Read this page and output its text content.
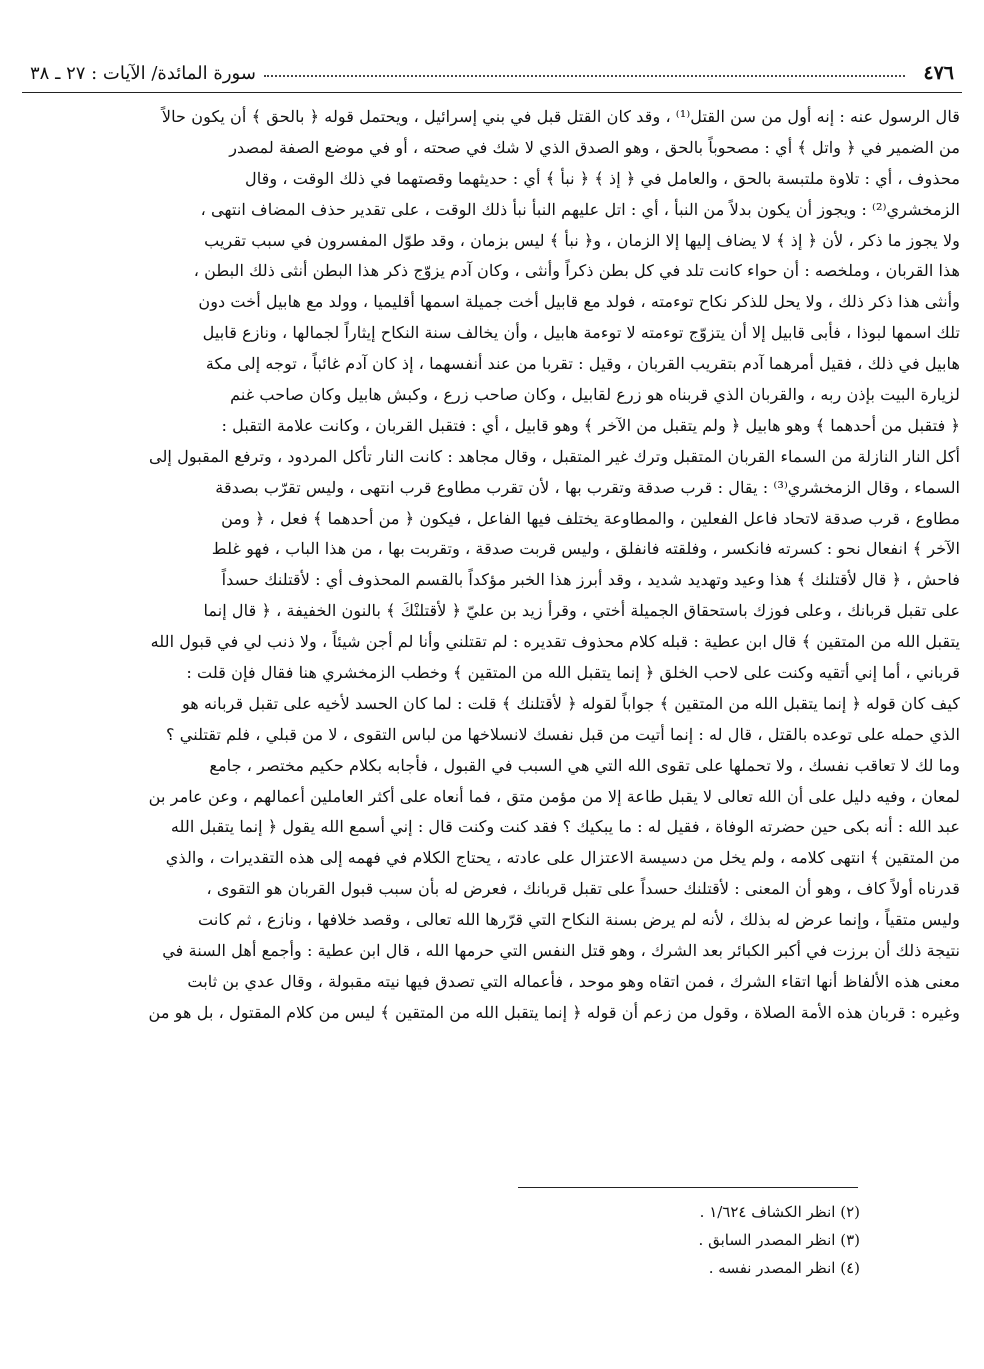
٤٧٦
سورة المائدة/ الآيات : ٢٧ ـ ٣٨
قال الرسول عنه : إنه أول من سن القتل⁽¹⁾ ، وقد كان القتل قبل في بني إسرائيل ، ويحتمل قوله ﴿ بالحق ﴾ أن يكون حالاً
من الضمير في ﴿ واتل ﴾ أي : مصحوباً بالحق ، وهو الصدق الذي لا شك في صحته ، أو في موضع الصفة لمصدر
محذوف ، أي : تلاوة ملتبسة بالحق ، والعامل في ﴿ إذ ﴾ ﴿ نبأ ﴾ أي : حديثهما وقصتهما في ذلك الوقت ، وقال
الزمخشري⁽²⁾ : ويجوز أن يكون بدلاً من النبأ ، أي : اتل عليهم النبأ نبأ ذلك الوقت ، على تقدير حذف المضاف انتهى ،
ولا يجوز ما ذكر ، لأن ﴿ إذ ﴾ لا يضاف إليها إلا الزمان ، و﴿ نبأ ﴾ ليس بزمان ، وقد طوّل المفسرون في سبب تقريب
هذا القربان ، وملخصه : أن حواء كانت تلد في كل بطن ذكراً وأنثى ، وكان آدم يزوّج ذكر هذا البطن أنثى ذلك البطن ،
وأنثى هذا ذكر ذلك ، ولا يحل للذكر نكاح توءمته ، فولد مع قابيل أخت جميلة اسمها أقليميا ، وولد مع هابيل أخت دون
تلك اسمها لبوذا ، فأبى قابيل إلا أن يتزوّج توءمته لا توءمة هابيل ، وأن يخالف سنة النكاح إيثاراً لجمالها ، ونازع قابيل
هابيل في ذلك ، فقيل أمرهما آدم بتقريب القربان ، وقيل : تقربا من عند أنفسهما ، إذ كان آدم غائباً ، توجه إلى مكة
لزيارة البيت بإذن ربه ، والقربان الذي قربناه هو زرع لقابيل ، وكان صاحب زرع ، وكبش هابيل وكان صاحب غنم
﴿ فتقبل من أحدهما ﴾ وهو هابيل ﴿ ولم يتقبل من الآخر ﴾ وهو قابيل ، أي : فتقبل القربان ، وكانت علامة التقبل :
أكل النار النازلة من السماء القربان المتقبل وترك غير المتقبل ، وقال مجاهد : كانت النار تأكل المردود ، وترفع المقبول إلى
السماء ، وقال الزمخشري⁽³⁾ : يقال : قرب صدقة وتقرب بها ، لأن تقرب مطاوع قرب انتهى ، وليس تقرّب بصدقة
مطاوع ، قرب صدقة لاتحاد فاعل الفعلين ، والمطاوعة يختلف فيها الفاعل ، فيكون ﴿ من أحدهما ﴾ فعل ، ﴿ ومن
الآخر ﴾ انفعال نحو : كسرته فانكسر ، وفلقته فانفلق ، وليس قربت صدقة ، وتقربت بها ، من هذا الباب ، فهو غلط
فاحش ، ﴿ قال لأقتلنك ﴾ هذا وعيد وتهديد شديد ، وقد أبرز هذا الخبر مؤكداً بالقسم المحذوف أي : لأقتلنك حسداً
على تقبل قربانك ، وعلى فوزك باستحقاق الجميلة أختي ، وقرأ زيد بن عليّ ﴿ لأقتلنْكَ ﴾ بالنون الخفيفة ، ﴿ قال إنما
يتقبل الله من المتقين ﴾ قال ابن عطية : قبله كلام محذوف تقديره : لم تقتلني وأنا لم أجن شيئاً ، ولا ذنب لي في قبول الله
قرباني ، أما إني أتقيه وكنت على لاحب الخلق ﴿ إنما يتقبل الله من المتقين ﴾ وخطب الزمخشري هنا فقال فإن قلت :
كيف كان قوله ﴿ إنما يتقبل الله من المتقين ﴾ جواباً لقوله ﴿ لأقتلنك ﴾ قلت : لما كان الحسد لأخيه على تقبل قربانه هو
الذي حمله على توعده بالقتل ، قال له : إنما أتيت من قبل نفسك لانسلاخها من لباس التقوى ، لا من قبلي ، فلم تقتلني ؟
وما لك لا تعاقب نفسك ، ولا تحملها على تقوى الله التي هي السبب في القبول ، فأجابه بكلام حكيم مختصر ، جامع
لمعان ، وفيه دليل على أن الله تعالى لا يقبل طاعة إلا من مؤمن متق ، فما أنعاه على أكثر العاملين أعمالهم ، وعن عامر بن
عبد الله : أنه بكى حين حضرته الوفاة ، فقيل له : ما يبكيك ؟ فقد كنت وكنت قال : إني أسمع الله يقول ﴿ إنما يتقبل الله
من المتقين ﴾ انتهى كلامه ، ولم يخل من دسيسة الاعتزال على عادته ، يحتاج الكلام في فهمه إلى هذه التقديرات ، والذي
قدرناه أولاً كاف ، وهو أن المعنى : لأقتلنك حسداً على تقبل قربانك ، فعرض له بأن سبب قبول القربان هو التقوى ،
وليس متقياً ، وإنما عرض له بذلك ، لأنه لم يرض بسنة النكاح التي قرّرها الله تعالى ، وقصد خلافها ، ونازع ، ثم كانت
نتيجة ذلك أن برزت في أكبر الكبائر بعد الشرك ، وهو قتل النفس التي حرمها الله ، قال ابن عطية : وأجمع أهل السنة في
معنى هذه الألفاظ أنها اتقاء الشرك ، فمن اتقاه وهو موحد ، فأعماله التي تصدق فيها نيته مقبولة ، وقال عدي بن ثابت
وغيره : قربان هذه الأمة الصلاة ، وقول من زعم أن قوله ﴿ إنما يتقبل الله من المتقين ﴾ ليس من كلام المقتول ، بل هو من
(٢) انظر الكشاف ١/٦٢٤ .
(٣) انظر المصدر السابق .
(٤) انظر المصدر نفسه .
